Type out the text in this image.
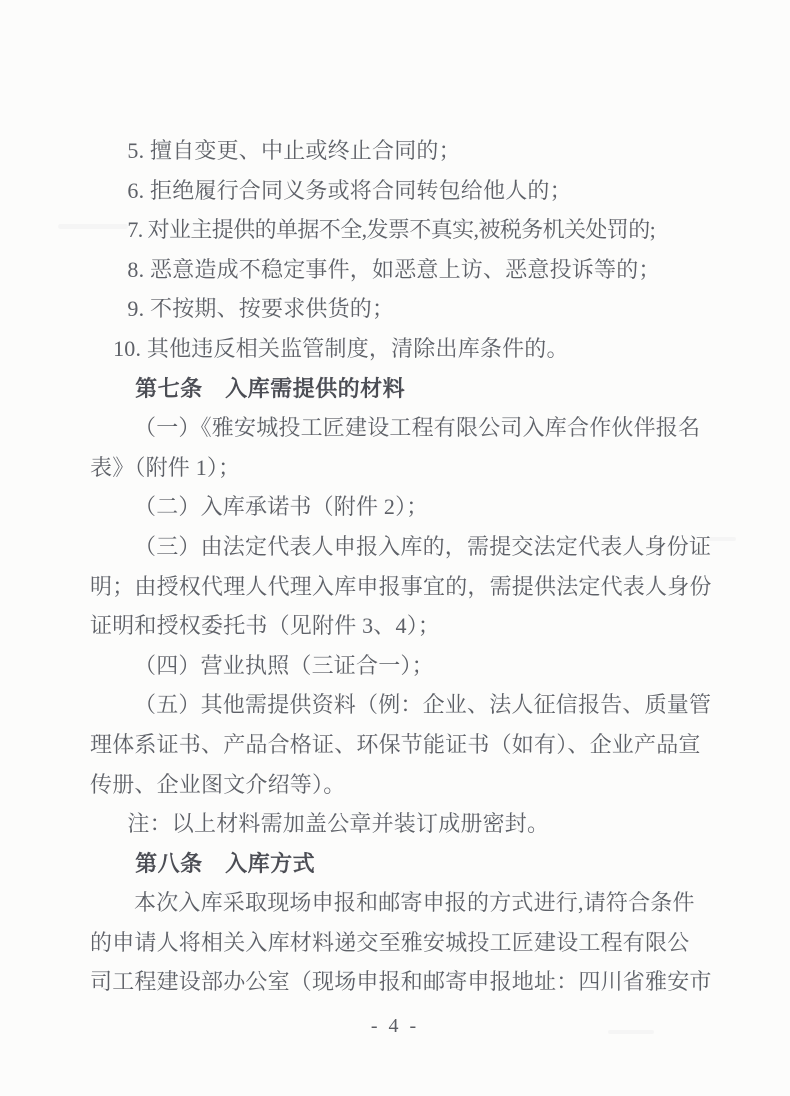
5. 擅自变更、中止或终止合同的；
6. 拒绝履行合同义务或将合同转包给他人的；
7. 对业主提供的单据不全,发票不真实,被税务机关处罚的;
8. 恶意造成不稳定事件，如恶意上访、恶意投诉等的；
9. 不按期、按要求供货的；
10. 其他违反相关监管制度，清除出库条件的。
第七条　入库需提供的材料
（一）《雅安城投工匠建设工程有限公司入库合作伙伴报名
表》（附件 1）；
（二）入库承诺书（附件 2）；
（三）由法定代表人申报入库的，需提交法定代表人身份证
明；由授权代理人代理入库申报事宜的，需提供法定代表人身份
证明和授权委托书（见附件 3、4）；
（四）营业执照（三证合一）；
（五）其他需提供资料（例：企业、法人征信报告、质量管
理体系证书、产品合格证、环保节能证书（如有）、企业产品宣
传册、企业图文介绍等）。
注：以上材料需加盖公章并装订成册密封。
第八条　入库方式
本次入库采取现场申报和邮寄申报的方式进行,请符合条件
的申请人将相关入库材料递交至雅安城投工匠建设工程有限公
司工程建设部办公室（现场申报和邮寄申报地址：四川省雅安市
- 4 -
